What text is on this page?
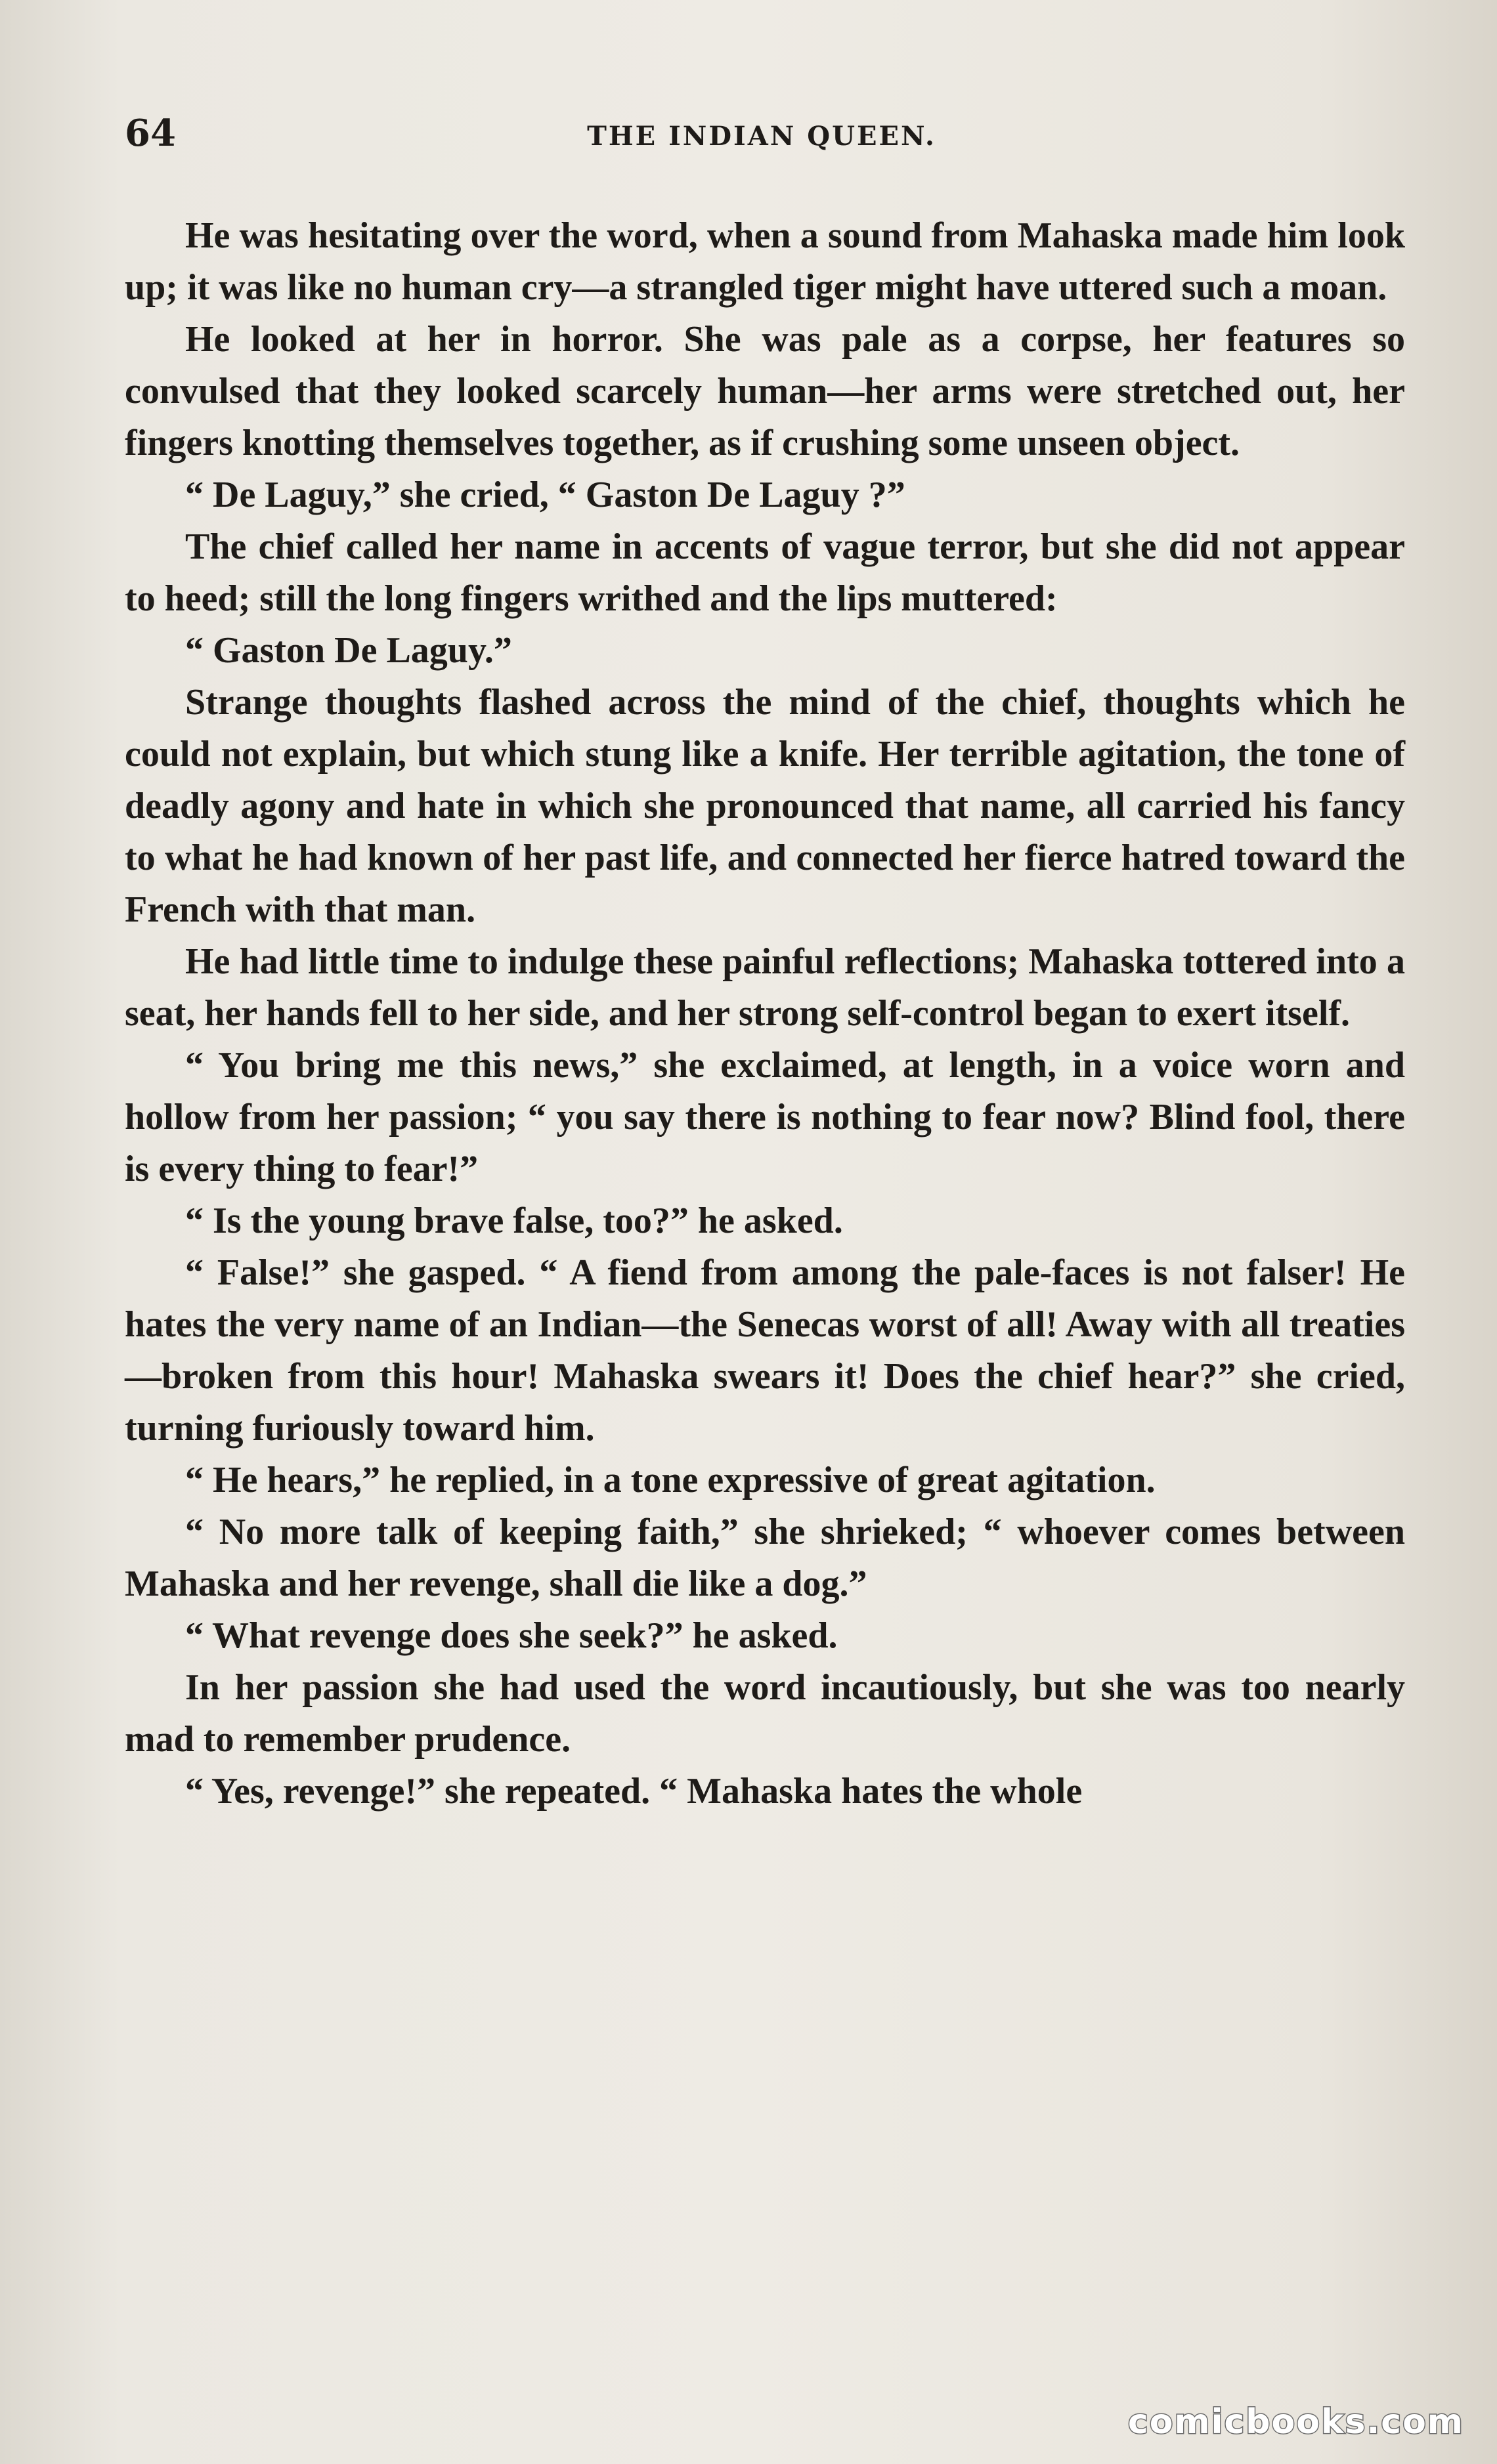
64	THE INDIAN QUEEN.

He was hesitating over the word, when a sound from Mahaska made him look up; it was like no human cry—a strangled tiger might have uttered such a moan.

He looked at her in horror. She was pale as a corpse, her features so convulsed that they looked scarcely human—her arms were stretched out, her fingers knotting themselves together, as if crushing some unseen object.

“ De Laguy,” she cried, “ Gaston De Laguy ?”

The chief called her name in accents of vague terror, but she did not appear to heed; still the long fingers writhed and the lips muttered:

“ Gaston De Laguy.”

Strange thoughts flashed across the mind of the chief, thoughts which he could not explain, but which stung like a knife. Her terrible agitation, the tone of deadly agony and hate in which she pronounced that name, all carried his fancy to what he had known of her past life, and connected her fierce hatred toward the French with that man.

He had little time to indulge these painful reflections; Mahaska tottered into a seat, her hands fell to her side, and her strong self-control began to exert itself.

“ You bring me this news,” she exclaimed, at length, in a voice worn and hollow from her passion; “ you say there is nothing to fear now? Blind fool, there is every thing to fear!”

“ Is the young brave false, too?” he asked.

“ False!” she gasped. “ A fiend from among the pale-faces is not falser! He hates the very name of an Indian—the Senecas worst of all! Away with all treaties—broken from this hour! Mahaska swears it! Does the chief hear?” she cried, turning furiously toward him.

“ He hears,” he replied, in a tone expressive of great agitation.

“ No more talk of keeping faith,” she shrieked; “ whoever comes between Mahaska and her revenge, shall die like a dog.”

“ What revenge does she seek?” he asked.

In her passion she had used the word incautiously, but she was too nearly mad to remember prudence.

“ Yes, revenge!” she repeated. “ Mahaska hates the whole

comicbooks.com
